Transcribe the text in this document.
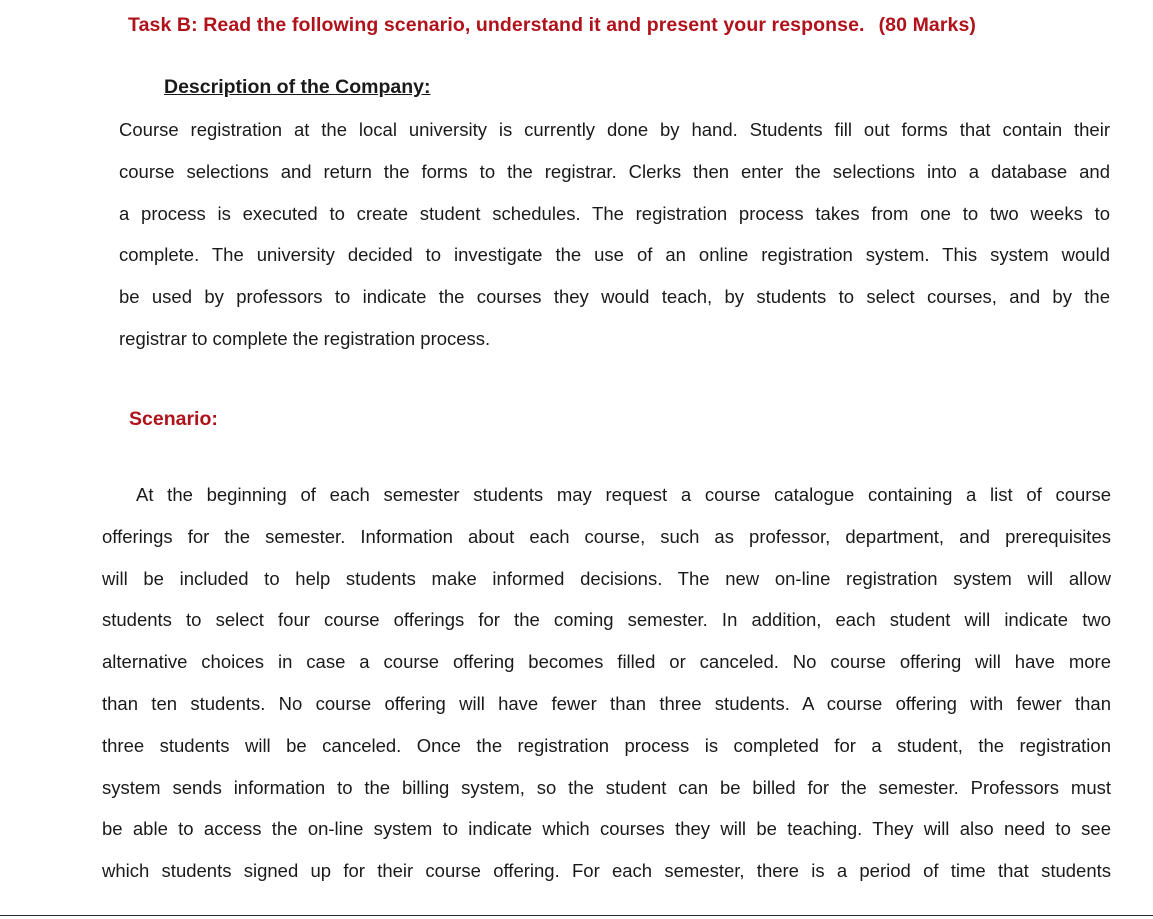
Task B: Read the following scenario, understand it and present your response. (80 Marks)
Description of the Company:
Course registration at the local university is currently done by hand. Students fill out forms that contain their
course selections and return the forms to the registrar. Clerks then enter the selections into a database and
a process is executed to create student schedules. The registration process takes from one to two weeks to
complete. The university decided to investigate the use of an online registration system. This system would
be used by professors to indicate the courses they would teach, by students to select courses, and by the
registrar to complete the registration process.
Scenario:
At the beginning of each semester students may request a course catalogue containing a list of course
offerings for the semester. Information about each course, such as professor, department, and prerequisites
will be included to help students make informed decisions. The new on-line registration system will allow
students to select four course offerings for the coming semester. In addition, each student will indicate two
alternative choices in case a course offering becomes filled or canceled. No course offering will have more
than ten students. No course offering will have fewer than three students. A course offering with fewer than
three students will be canceled. Once the registration process is completed for a student, the registration
system sends information to the billing system, so the student can be billed for the semester. Professors must
be able to access the on-line system to indicate which courses they will be teaching. They will also need to see
which students signed up for their course offering. For each semester, there is a period of time that students
